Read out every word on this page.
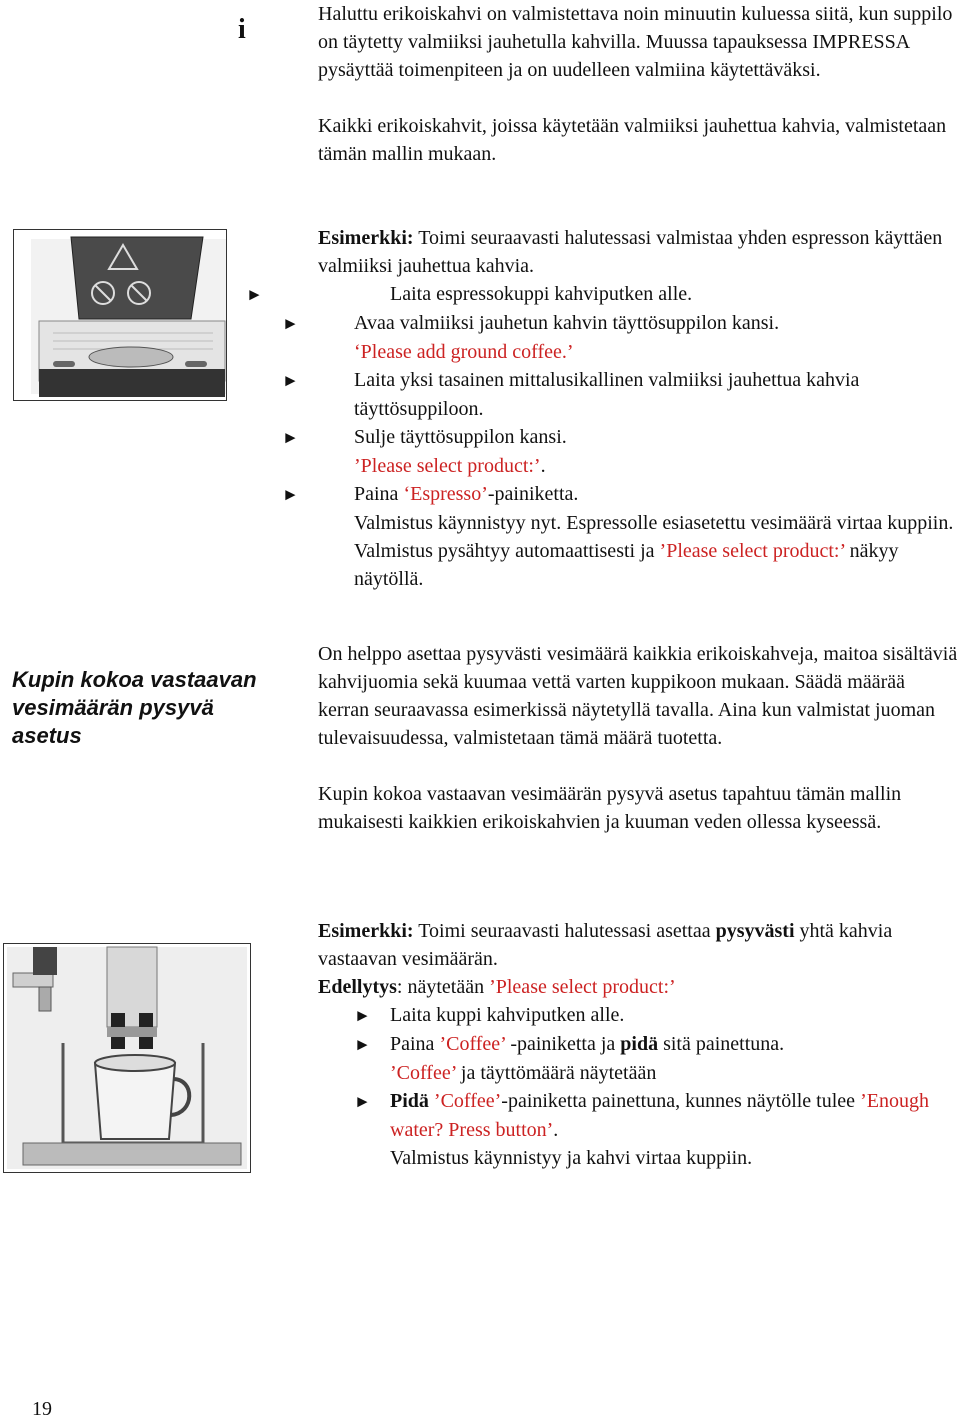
i	Haluttu erikoiskahvi on valmistettava noin minuutin kuluessa siitä, kun suppilo on täytetty valmiiksi jauhetulla kahvilla. Muussa tapauksessa IMPRESSA pysäyttää toimenpiteen ja on uudelleen valmiina käytettäväksi.

Kaikki erikoiskahvit, joissa käytetään valmiiksi jauhettua kahvia, valmistetaan tämän mallin mukaan.

Esimerkki: Toimi seuraavasti halutessasi valmistaa yhden espresson käyttäen valmiiksi jauhettua kahvia.

►	Laita espressokuppi kahviputken alle.

►	Avaa valmiiksi jauhetun kahvin täyttösuppilon kansi.

‘Please add ground coffee.’

►	Laita yksi tasainen mittalusikallinen valmiiksi jauhettua kahvia täyttösuppiloon.

►	Sulje täyttösuppilon kansi.

’Please select product:’.

►	Paina ‘Espresso’-painiketta.

Valmistus käynnistyy nyt. Espressolle esiasetettu vesimäärä virtaa kuppiin. Valmistus pysähtyy automaattisesti ja ’Please select product:’ näkyy näytöllä.

Kupin kokoa vastaavan vesimäärän pysyvä asetus

On helppo asettaa pysyvästi vesimäärä kaikkia erikoiskahveja, maitoa sisältäviä kahvijuomia sekä kuumaa vettä varten kuppikoon mukaan. Säädä määrää kerran seuraavassa esimerkissä näytetyllä tavalla. Aina kun valmistat juoman tulevaisuudessa, valmistetaan tämä määrä tuotetta.

Kupin kokoa vastaavan vesimäärän pysyvä asetus tapahtuu tämän mallin mukaisesti kaikkien erikoiskahvien ja kuuman veden ollessa kyseessä.

Esimerkki: Toimi seuraavasti halutessasi asettaa pysyvästi yhtä kahvia vastaavan vesimäärän.

Edellytys: näytetään ’Please select product:’

► Laita kuppi kahviputken alle.

► Paina ’Coffee’ -painiketta ja pidä sitä painettuna.

’Coffee’ ja täyttömäärä näytetään

► Pidä ’Coffee’-painiketta painettuna, kunnes näytölle tulee ’Enough water? Press button’.

Valmistus käynnistyy ja kahvi virtaa kuppiin.

19
